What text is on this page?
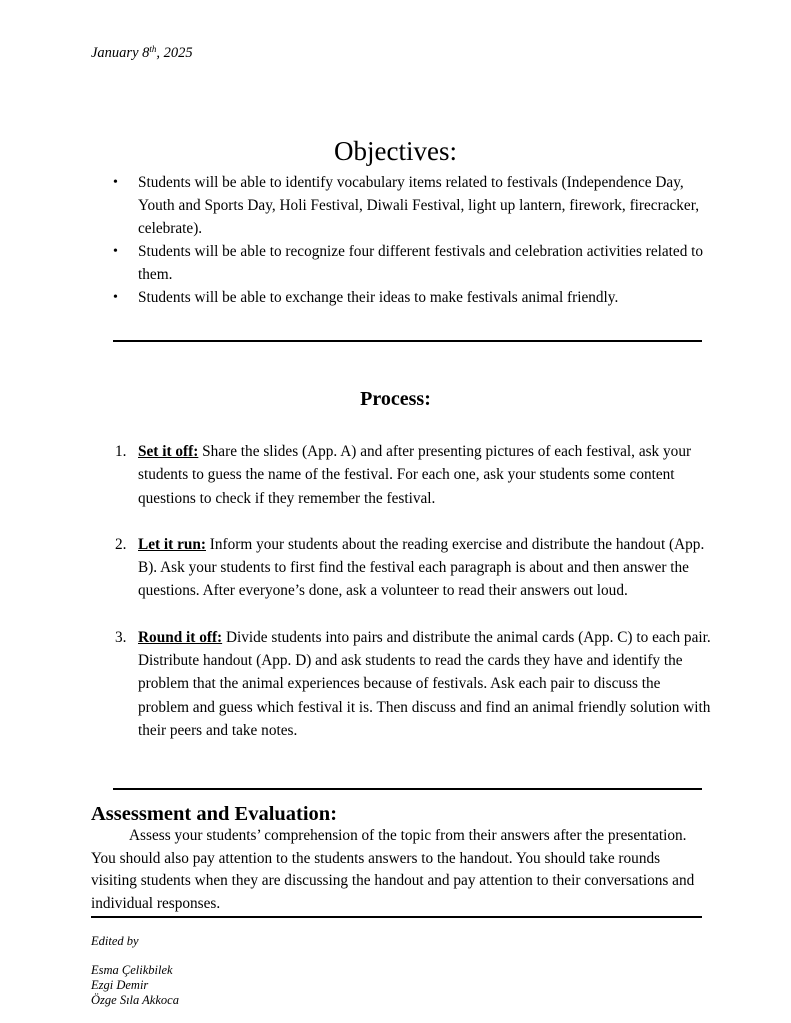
January 8th, 2025
Objectives:
• Students will be able to identify vocabulary items related to festivals (Independence Day, Youth and Sports Day, Holi Festival, Diwali Festival, light up lantern, firework, firecracker, celebrate).
• Students will be able to recognize four different festivals and celebration activities related to them.
• Students will be able to exchange their ideas to make festivals animal friendly.
Process:
1. Set it off: Share the slides (App. A) and after presenting pictures of each festival, ask your students to guess the name of the festival. For each one, ask your students some content questions to check if they remember the festival.
2. Let it run: Inform your students about the reading exercise and distribute the handout (App. B). Ask your students to first find the festival each paragraph is about and then answer the questions. After everyone’s done, ask a volunteer to read their answers out loud.
3. Round it off: Divide students into pairs and distribute the animal cards (App. C) to each pair. Distribute handout (App. D) and ask students to read the cards they have and identify the problem that the animal experiences because of festivals. Ask each pair to discuss the problem and guess which festival it is. Then discuss and find an animal friendly solution with their peers and take notes.
Assessment and Evaluation:

Assess your students’ comprehension of the topic from their answers after the presentation. You should also pay attention to the students answers to the handout. You should take rounds visiting students when they are discussing the handout and pay attention to their conversations and individual responses.

Edited by
Esma Çelikbilek
Ezgi Demir
Özge Sıla Akkoca
